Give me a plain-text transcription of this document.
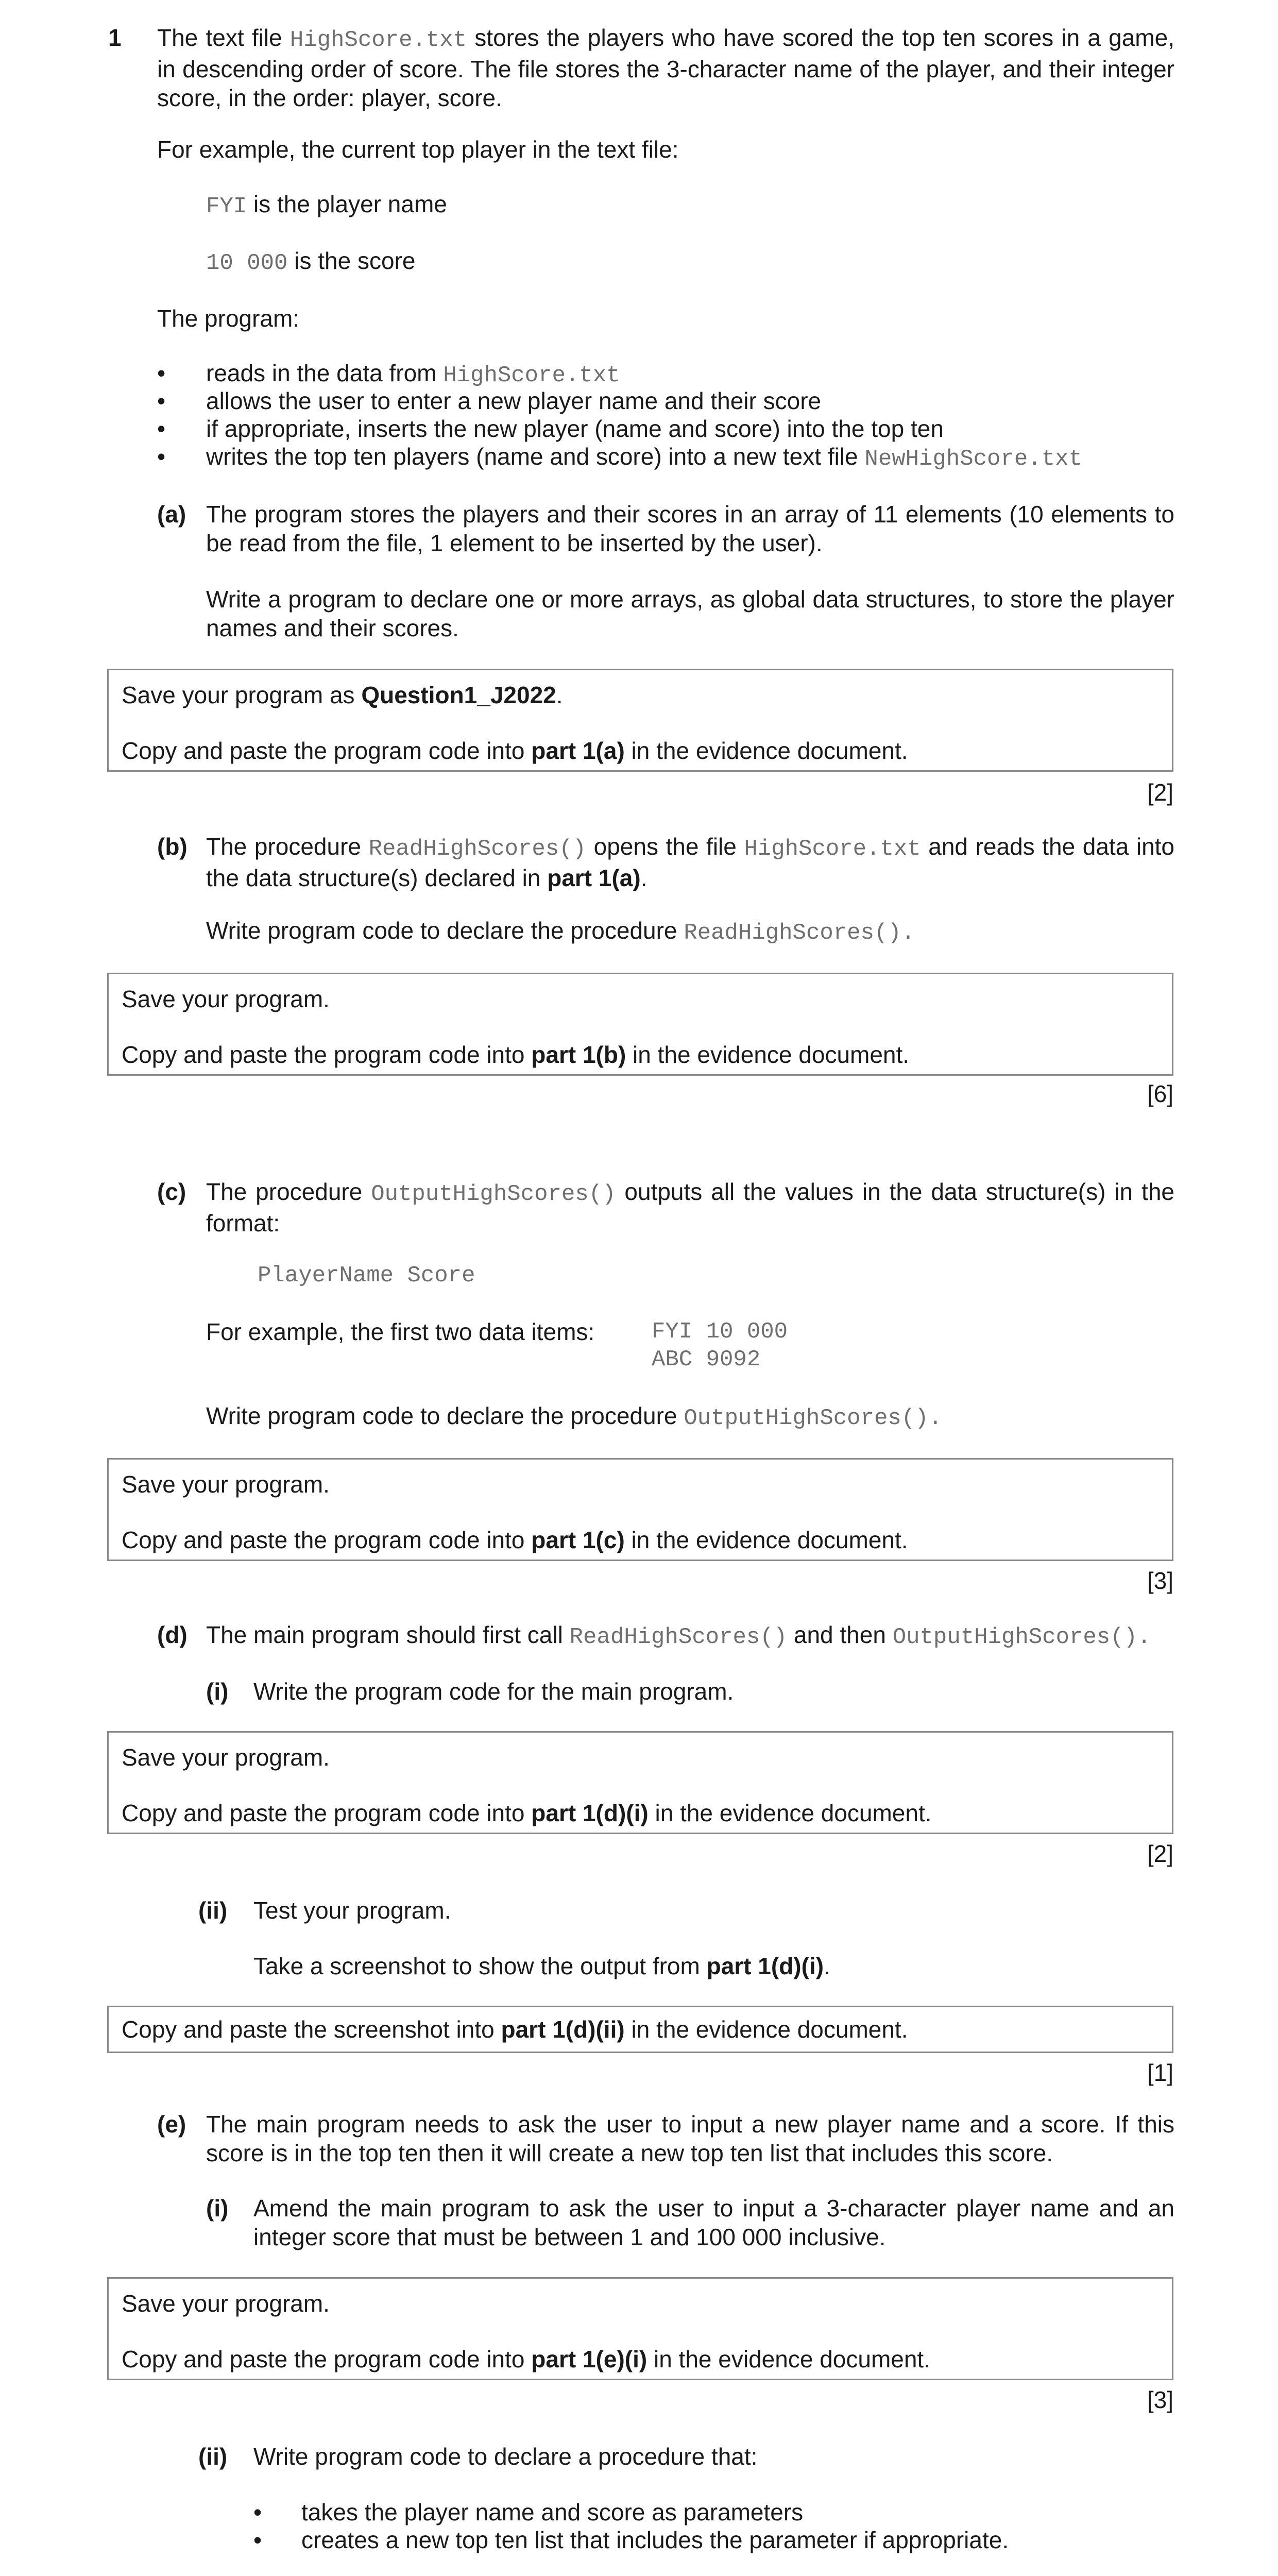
1 The text file HighScore.txt stores the players who have scored the top ten scores in a game, in descending order of score. The file stores the 3-character name of the player, and their integer score, in the order: player, score.

For example, the current top player in the text file:

FYI is the player name

10 000 is the score

The program:

• reads in the data from HighScore.txt

• allows the user to enter a new player name and their score

• if appropriate, inserts the new player (name and score) into the top ten

• writes the top ten players (name and score) into a new text file NewHighScore.txt

(a) The program stores the players and their scores in an array of 11 elements (10 elements to be read from the file, 1 element to be inserted by the user).

Write a program to declare one or more arrays, as global data structures, to store the player names and their scores.

Save your program as Question1_J2022.

Copy and paste the program code into part 1(a) in the evidence document.

[2]
(b) The procedure ReadHighScores() opens the file HighScore.txt and reads the data into the data structure(s) declared in part 1(a).

Write program code to declare the procedure ReadHighScores().

Save your program.

Copy and paste the program code into part 1(b) in the evidence document.

[6]
(c) The procedure OutputHighScores() outputs all the values in the data structure(s) in the format:

PlayerName Score

For example, the first two data items:	FYI 10 000

ABC 9092

Write program code to declare the procedure OutputHighScores().

Save your program.

Copy and paste the program code into part 1(c) in the evidence document.

[3]
(d) The main program should first call ReadHighScores() and then OutputHighScores().

(i) Write the program code for the main program.

Save your program.

Copy and paste the program code into part 1(d)(i) in the evidence document.

[2]
(ii) Test your program.

Take a screenshot to show the output from part 1(d)(i).

Copy and paste the screenshot into part 1(d)(ii) in the evidence document.

[1]
(e) The main program needs to ask the user to input a new player name and a score. If this score is in the top ten then it will create a new top ten list that includes this score.

(i) Amend the main program to ask the user to input a 3-character player name and an integer score that must be between 1 and 100 000 inclusive.

Save your program.

Copy and paste the program code into part 1(e)(i) in the evidence document.

[3]
(ii) Write program code to declare a procedure that:

• takes the player name and score as parameters

• creates a new top ten list that includes the parameter if appropriate.
